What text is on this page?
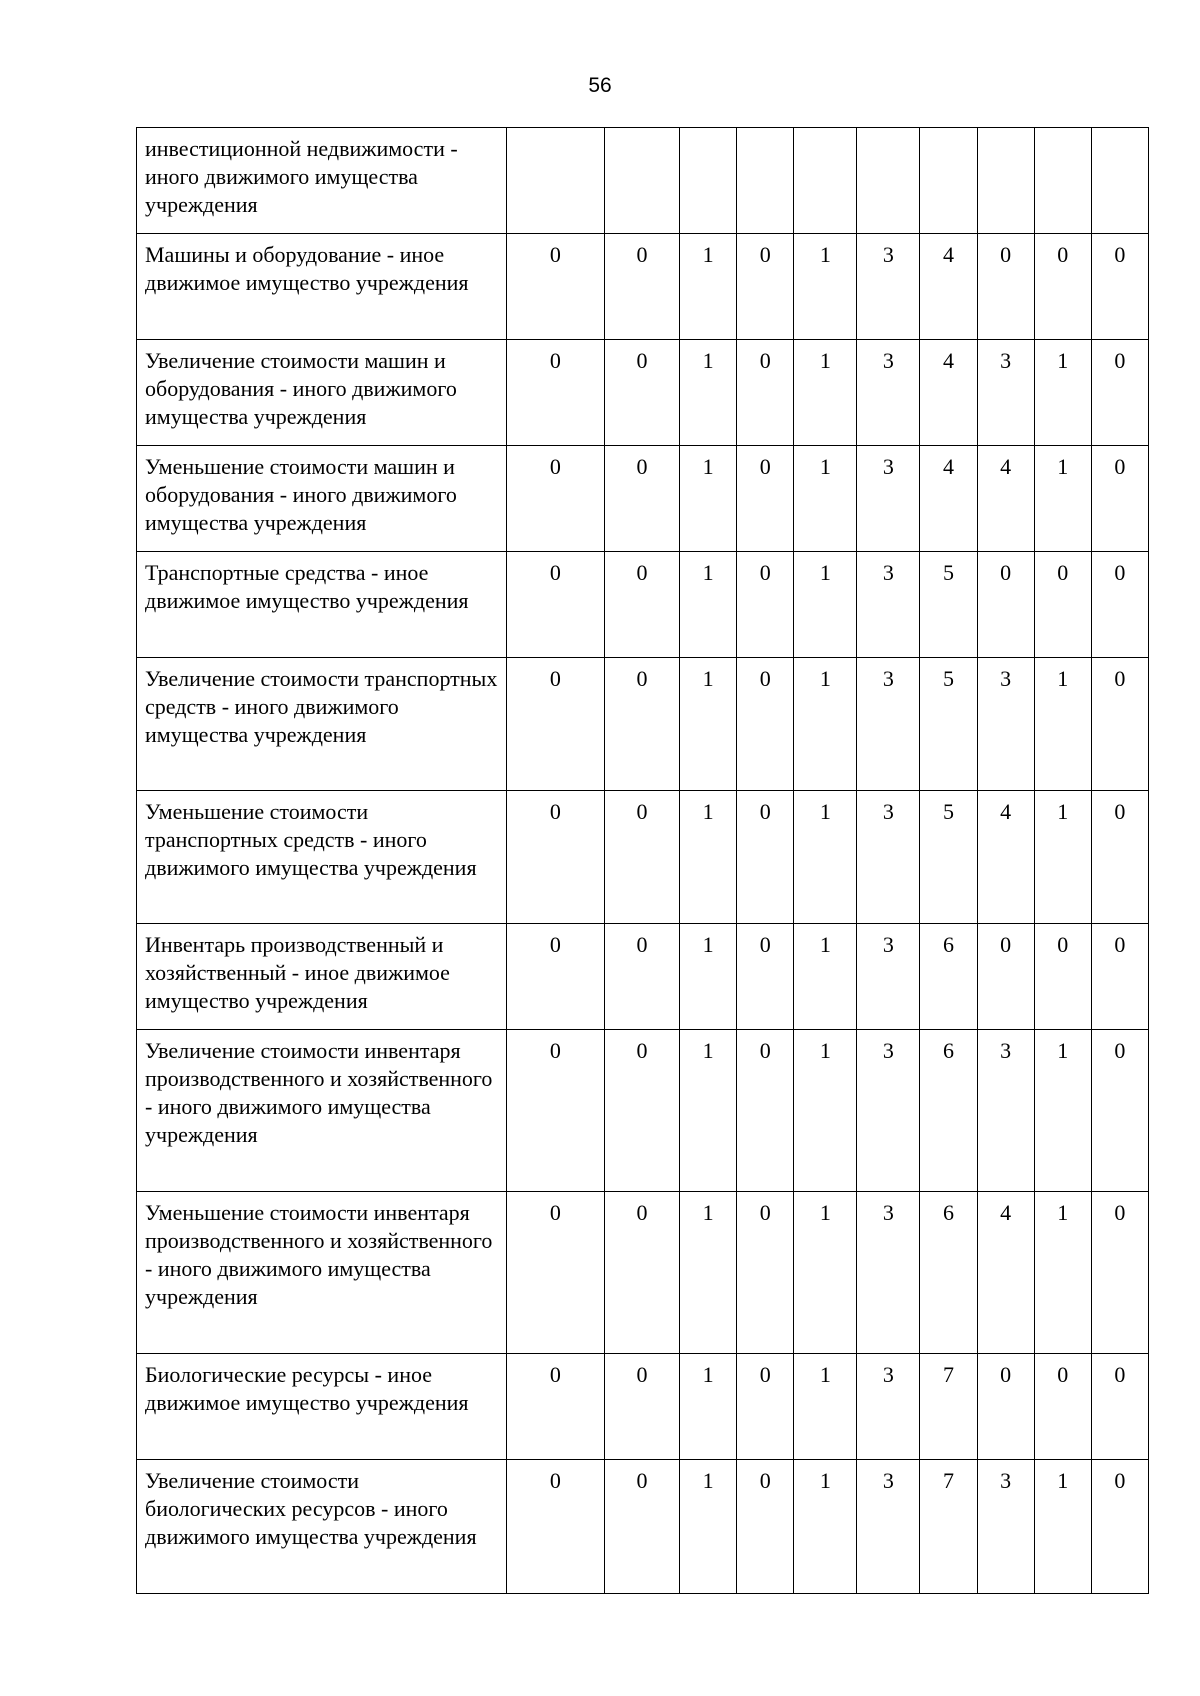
56
инвестиционной недвижимости - иного движимого имущества учреждения										
Машины и оборудование - иное движимое имущество учреждения	0	0	1	0	1	3	4	0	0	0
Увеличение стоимости машин и оборудования - иного движимого имущества учреждения	0	0	1	0	1	3	4	3	1	0
Уменьшение стоимости машин и оборудования - иного движимого имущества учреждения	0	0	1	0	1	3	4	4	1	0
Транспортные средства - иное движимое имущество учреждения	0	0	1	0	1	3	5	0	0	0
Увеличение стоимости транспортных средств - иного движимого имущества учреждения	0	0	1	0	1	3	5	3	1	0
Уменьшение стоимости транспортных средств - иного движимого имущества учреждения	0	0	1	0	1	3	5	4	1	0
Инвентарь производственный и хозяйственный - иное движимое имущество учреждения	0	0	1	0	1	3	6	0	0	0
Увеличение стоимости инвентаря производственного и хозяйственного - иного движимого имущества учреждения	0	0	1	0	1	3	6	3	1	0
Уменьшение стоимости инвентаря производственного и хозяйственного - иного движимого имущества учреждения	0	0	1	0	1	3	6	4	1	0
Биологические ресурсы - иное движимое имущество учреждения	0	0	1	0	1	3	7	0	0	0
Увеличение стоимости биологических ресурсов - иного движимого имущества учреждения	0	0	1	0	1	3	7	3	1	0
